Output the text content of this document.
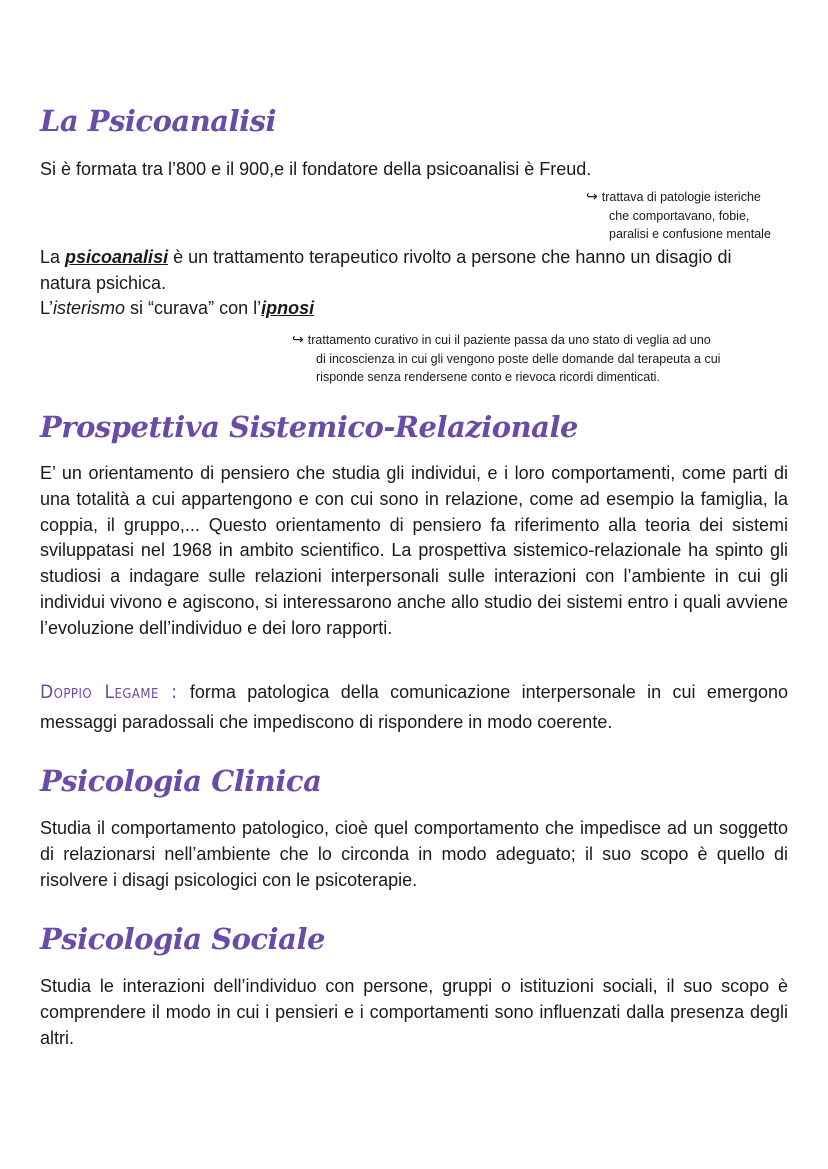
La Psicoanalisi

Si è formata tra l’800 e il 900,e il fondatore della psicoanalisi è Freud.

↪ trattava di patologie isteriche
che comportavano, fobie,
paralisi e confusione mentale

La psicoanalisi è un trattamento terapeutico rivolto a persone che hanno un disagio di

natura psichica.

L’isterismo si “curava” con l’ipnosi

↪ trattamento curativo in cui il paziente passa da uno stato di veglia ad uno
di incoscienza in cui gli vengono poste delle domande dal terapeuta a cui
risponde senza rendersene conto e rievoca ricordi dimenticati.
Prospettiva Sistemico-Relazionale

E’ un orientamento di pensiero che studia gli individui, e i loro comportamenti, come parti di una totalità a cui appartengono e con cui sono in relazione, come ad esempio la famiglia, la coppia, il gruppo,... Questo orientamento di pensiero fa riferimento alla teoria dei sistemi sviluppatasi nel 1968 in ambito scientifico. La prospettiva sistemico-relazionale ha spinto gli studiosi a indagare sulle relazioni interpersonali sulle interazioni con l’ambiente in cui gli individui vivono e agiscono, si interessarono anche allo studio dei sistemi entro i quali avviene l’evoluzione dell’individuo e dei loro rapporti.

Doppio Legame : forma patologica della comunicazione interpersonale in cui emergono messaggi paradossali che impediscono di rispondere in modo coerente.

Psicologia Clinica

Studia il comportamento patologico, cioè quel comportamento che impedisce ad un soggetto di relazionarsi nell’ambiente che lo circonda in modo adeguato; il suo scopo è quello di risolvere i disagi psicologici con le psicoterapie.

Psicologia Sociale

Studia le interazioni dell’individuo con persone, gruppi o istituzioni sociali, il suo scopo è comprendere il modo in cui i pensieri e i comportamenti sono influenzati dalla presenza degli altri.
